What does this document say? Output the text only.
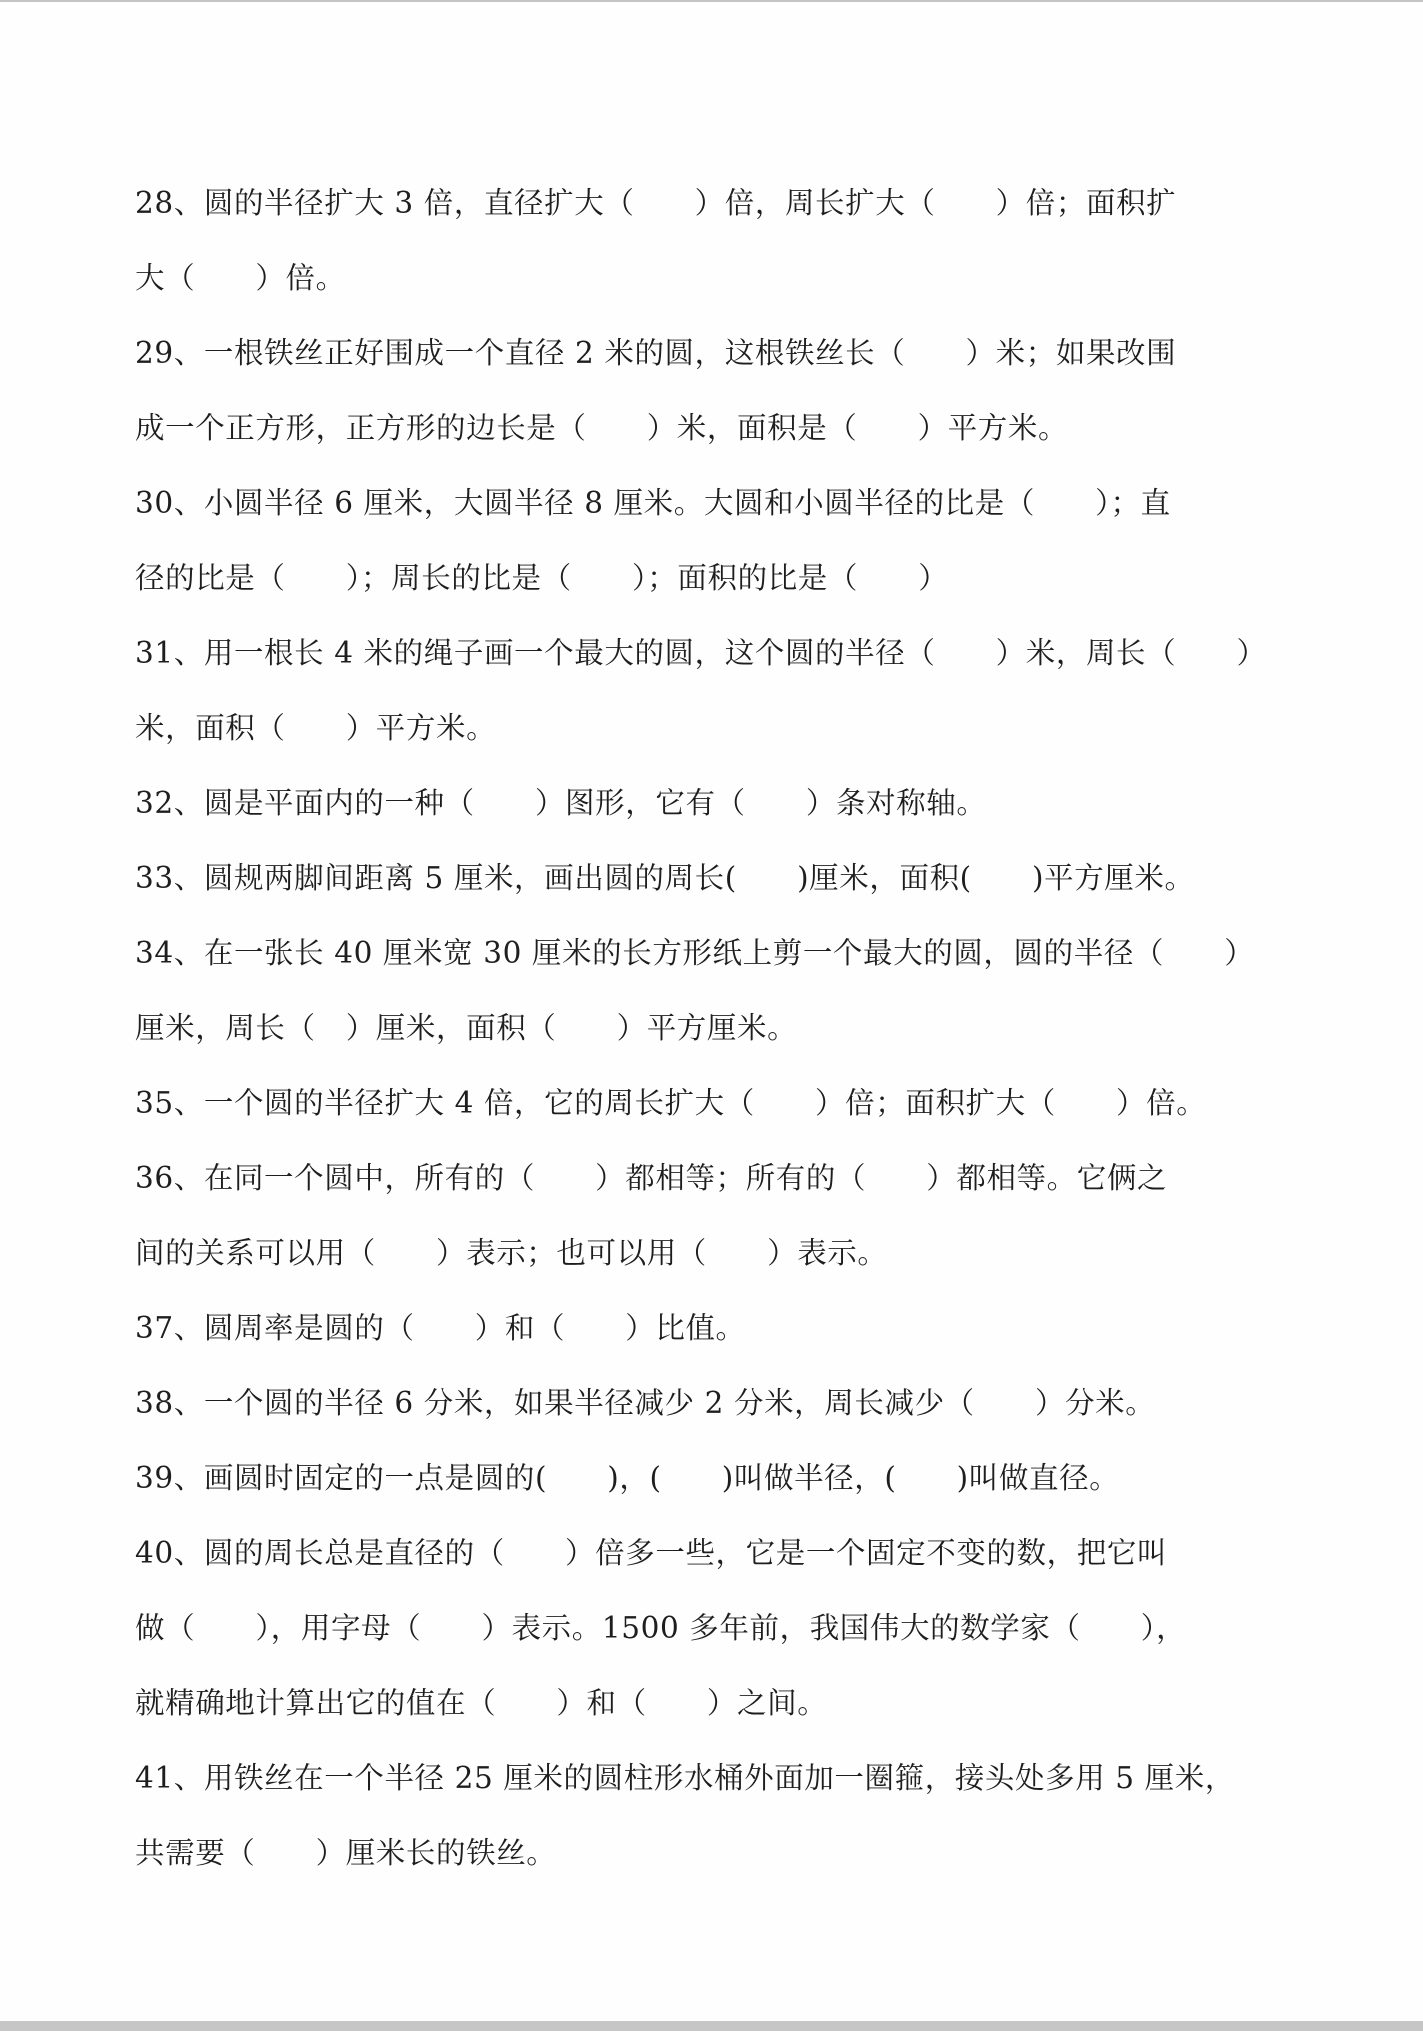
28、圆的半径扩大 3 倍，直径扩大（　　）倍，周长扩大（　　）倍；面积扩
大（　　）倍。
29、一根铁丝正好围成一个直径 2 米的圆，这根铁丝长（　　）米；如果改围
成一个正方形，正方形的边长是（　　）米，面积是（　　）平方米。
30、小圆半径 6 厘米，大圆半径 8 厘米。大圆和小圆半径的比是（　　）；直
径的比是（　　）；周长的比是（　　）；面积的比是（　　）
31、用一根长 4 米的绳子画一个最大的圆，这个圆的半径（　　）米，周长（　　）
米，面积（　　）平方米。
32、圆是平面内的一种（　　）图形，它有（　　）条对称轴。
33、圆规两脚间距离 5 厘米，画出圆的周长(　　)厘米，面积(　　)平方厘米。
34、在一张长 40 厘米宽 30 厘米的长方形纸上剪一个最大的圆，圆的半径（　　）
厘米，周长（　）厘米，面积（　　）平方厘米。
35、一个圆的半径扩大 4 倍，它的周长扩大（　　）倍；面积扩大（　　）倍。
36、在同一个圆中，所有的（　　）都相等；所有的（　　）都相等。它俩之
间的关系可以用（　　）表示；也可以用（　　）表示。
37、圆周率是圆的（　　）和（　　）比值。
38、一个圆的半径 6 分米，如果半径减少 2 分米，周长减少（　　）分米。
39、画圆时固定的一点是圆的(　　)，(　　)叫做半径，(　　)叫做直径。
40、圆的周长总是直径的（　　）倍多一些，它是一个固定不变的数，把它叫
做（　　），用字母（　　）表示。1500 多年前，我国伟大的数学家（　　），
就精确地计算出它的值在（　　）和（　　）之间。
41、用铁丝在一个半径 25 厘米的圆柱形水桶外面加一圈箍，接头处多用 5 厘米，
共需要（　　）厘米长的铁丝。
